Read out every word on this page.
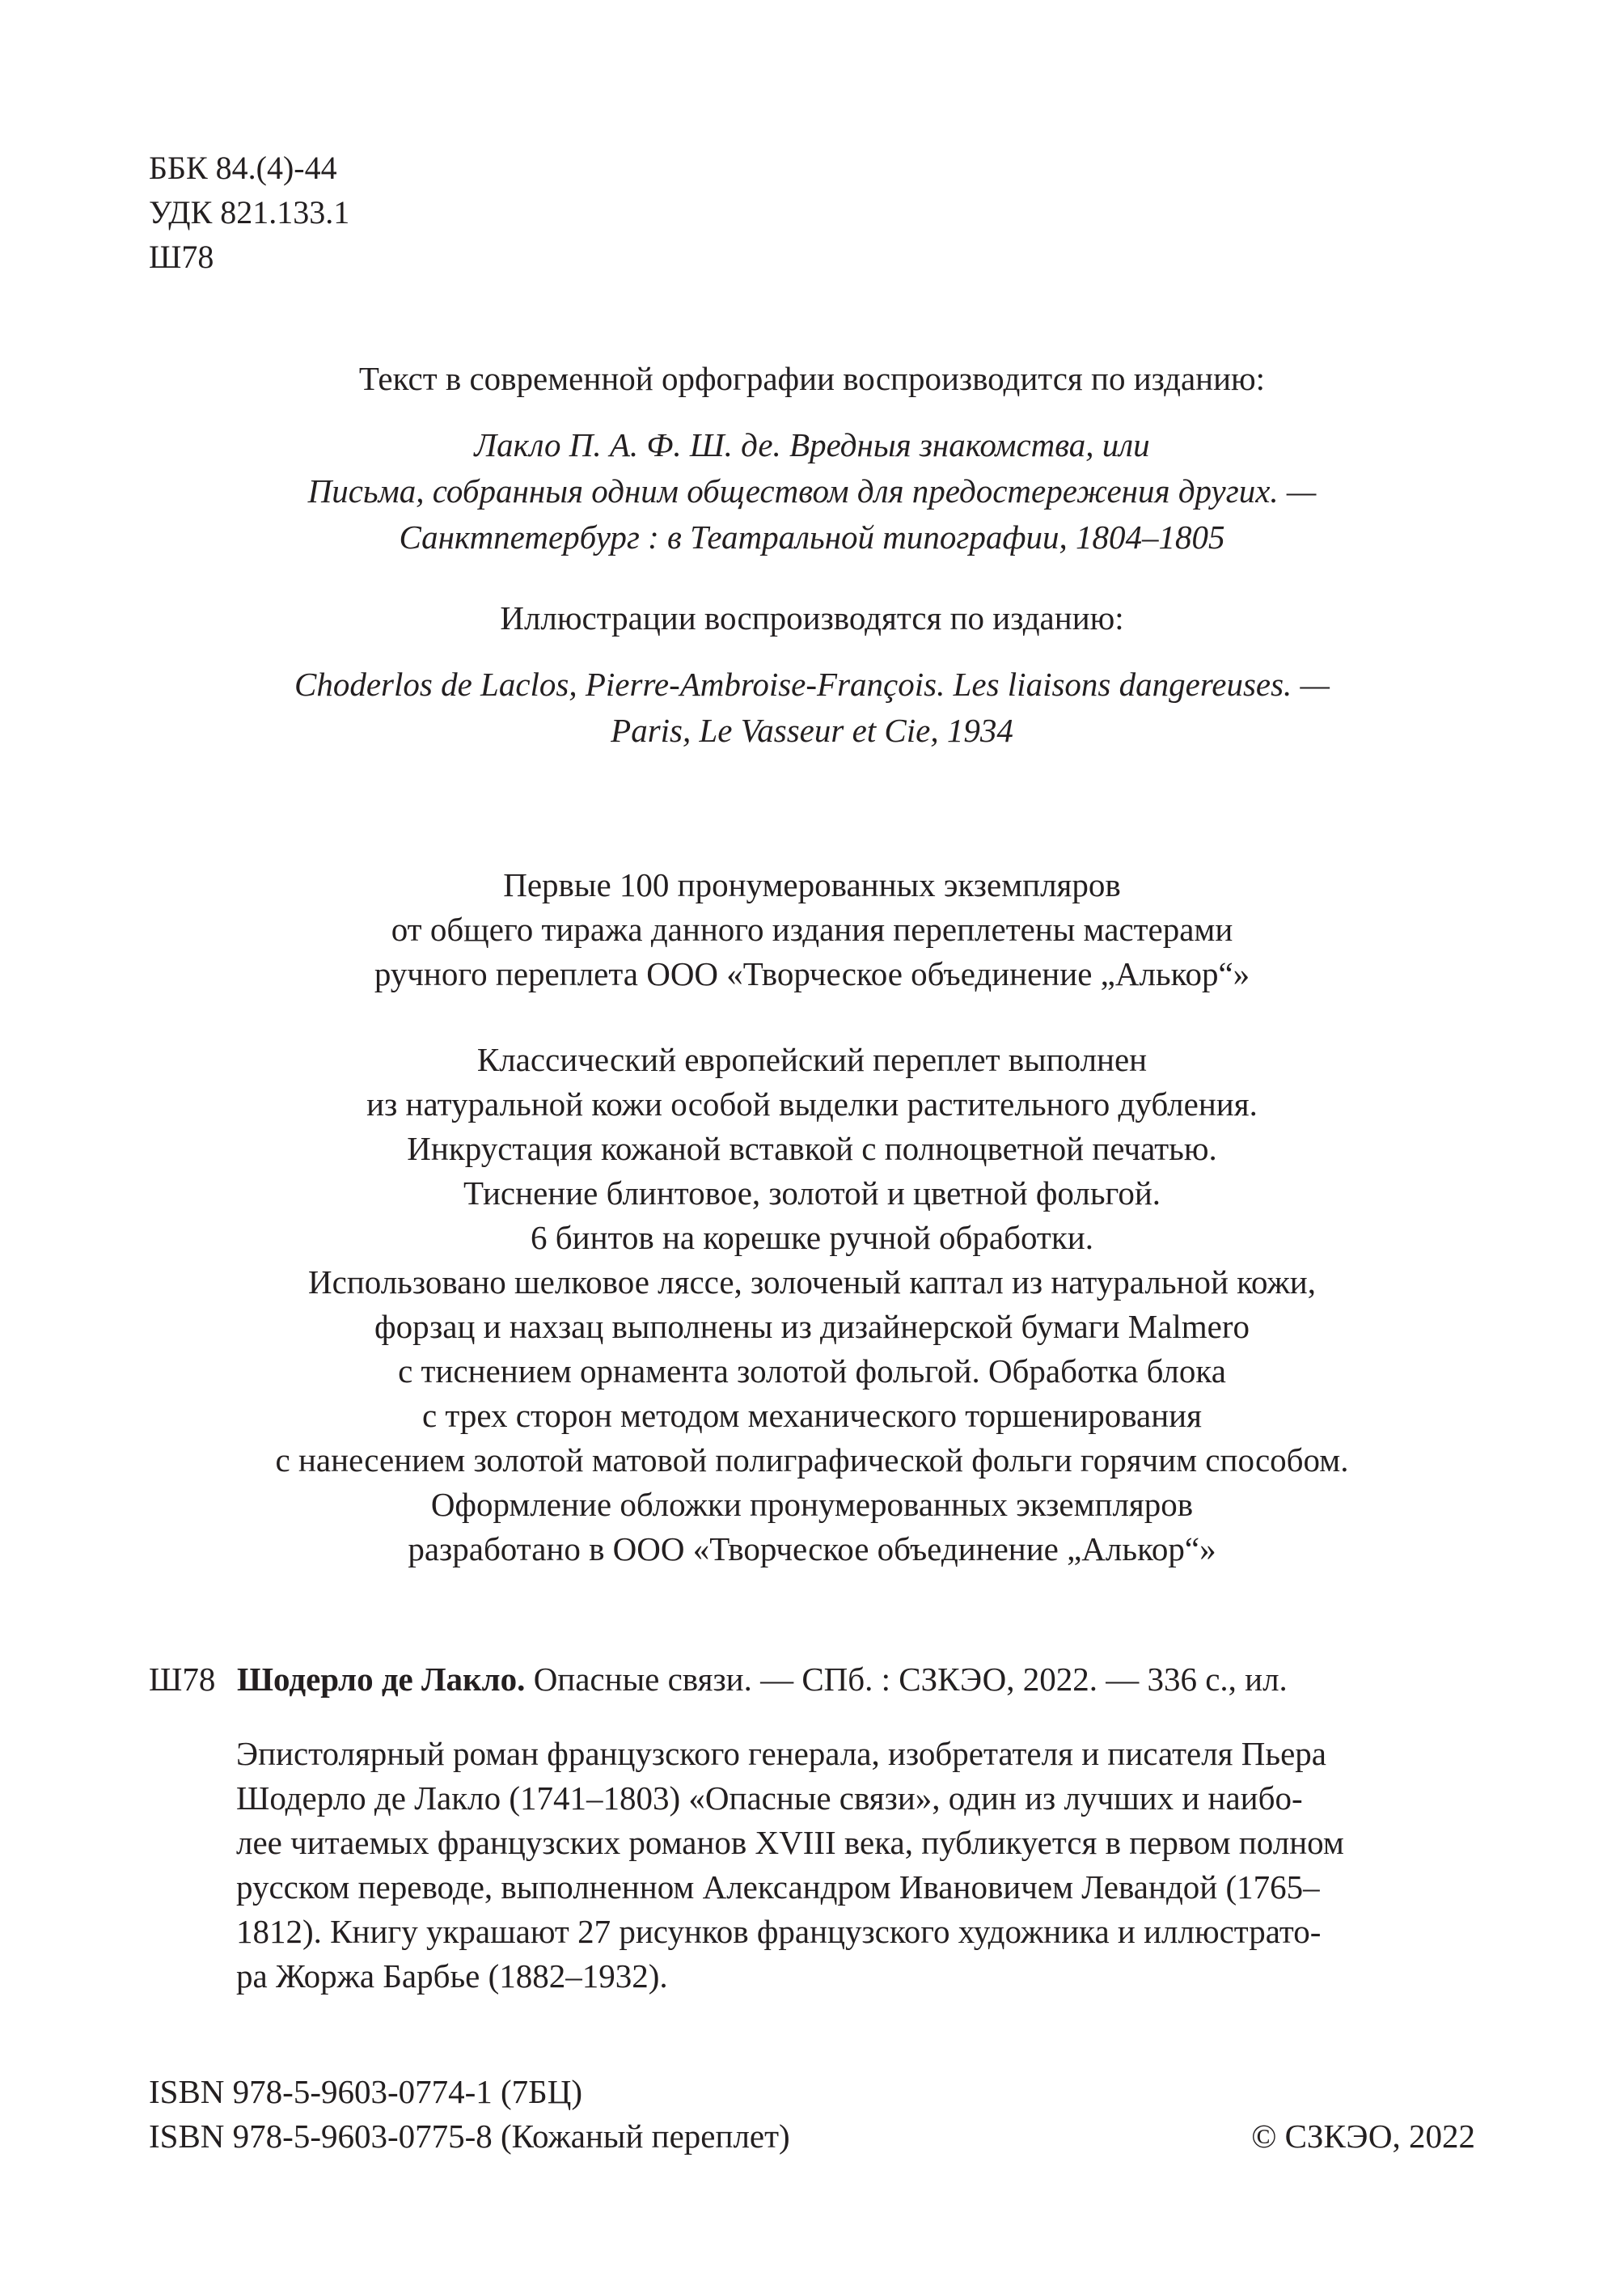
ББК 84.(4)-44
УДК 821.133.1
Ш78
Текст в современной орфографии воспроизводится по изданию:
Лакло П. А. Ф. Ш. де. Вредныя знакомства, или
Письма, собранныя одним обществом для предостережения других. —
Санктпетербург : в Театральной типографии, 1804–1805
Иллюстрации воспроизводятся по изданию:
Choderlos de Laclos, Pierre-Ambroise-François. Les liaisons dangereuses. —
Paris, Le Vasseur et Cie, 1934
Первые 100 пронумерованных экземпляров
от общего тиража данного издания переплетены мастерами
ручного переплета ООО «Творческое объединение „Алькор“»
Классический европейский переплет выполнен
из натуральной кожи особой выделки растительного дубления.
Инкрустация кожаной вставкой с полноцветной печатью.
Тиснение блинтовое, золотой и цветной фольгой.
6 бинтов на корешке ручной обработки.
Использовано шелковое ляссе, золоченый каптал из натуральной кожи,
форзац и нахзац выполнены из дизайнерской бумаги Malmero
с тиснением орнамента золотой фольгой. Обработка блока
с трех сторон методом механического торшенирования
с нанесением золотой матовой полиграфической фольги горячим способом.
Оформление обложки пронумерованных экземпляров
разработано в ООО «Творческое объединение „Алькор“»
Ш78 Шодерло де Лакло. Опасные связи. — СПб. : СЗКЭО, 2022. — 336 с., ил.
Эпистолярный роман французского генерала, изобретателя и писателя Пьера
Шодерло де Лакло (1741–1803) «Опасные связи», один из лучших и наибо-
лее читаемых французских романов XVIII века, публикуется в первом полном
русском переводе, выполненном Александром Ивановичем Левандой (1765–
1812). Книгу украшают 27 рисунков французского художника и иллюстрато-
ра Жоржа Барбье (1882–1932).
ISBN 978-5-9603-0774-1 (7БЦ)
ISBN 978-5-9603-0775-8 (Кожаный переплет)	© СЗКЭО, 2022
